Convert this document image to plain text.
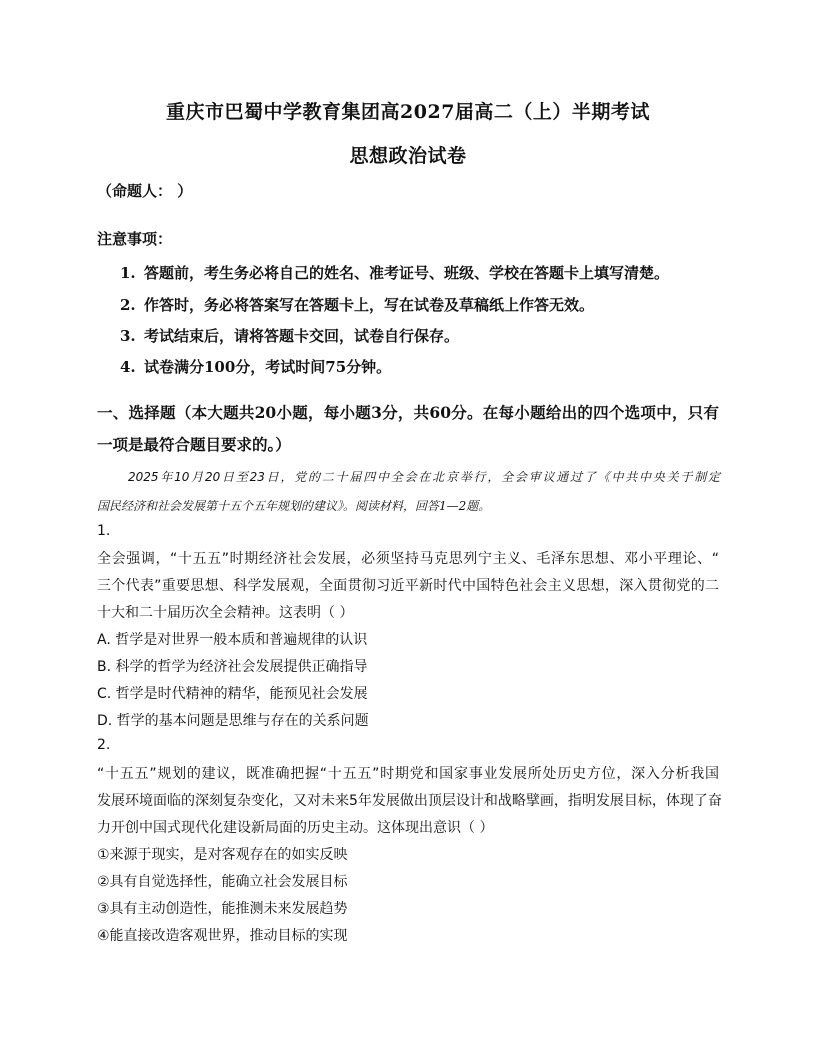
重庆市巴蜀中学教育集团高2027届高二（上）半期考试
思想政治试卷
（命题人： ）
注意事项：
1. 答题前，考生务必将自己的姓名、准考证号、班级、学校在答题卡上填写清楚。
2. 作答时，务必将答案写在答题卡上，写在试卷及草稿纸上作答无效。
3. 考试结束后，请将答题卡交回，试卷自行保存。
4. 试卷满分100分，考试时间75分钟。
一、选择题（本大题共20小题，每小题3分，共60分。在每小题给出的四个选项中，只有
一项是最符合题目要求的。）
2025年10月20日至23日，党的二十届四中全会在北京举行，全会审议通过了《中共中央关于制定
国民经济和社会发展第十五个五年规划的建议》。阅读材料，回答1—2题。
1.
全会强调，“十五五”时期经济社会发展，必须坚持马克思列宁主义、毛泽东思想、邓小平理论、“
三个代表”重要思想、科学发展观，全面贯彻习近平新时代中国特色社会主义思想，深入贯彻党的二
十大和二十届历次全会精神。这表明（ ）
A. 哲学是对世界一般本质和普遍规律的认识
B. 科学的哲学为经济社会发展提供正确指导
C. 哲学是时代精神的精华，能预见社会发展
D. 哲学的基本问题是思维与存在的关系问题
2.
“十五五”规划的建议，既准确把握“十五五”时期党和国家事业发展所处历史方位，深入分析我国
发展环境面临的深刻复杂变化，又对未来5年发展做出顶层设计和战略擘画，指明发展目标，体现了奋
力开创中国式现代化建设新局面的历史主动。这体现出意识（ ）
①来源于现实，是对客观存在的如实反映
②具有自觉选择性，能确立社会发展目标
③具有主动创造性，能推测未来发展趋势
④能直接改造客观世界，推动目标的实现
